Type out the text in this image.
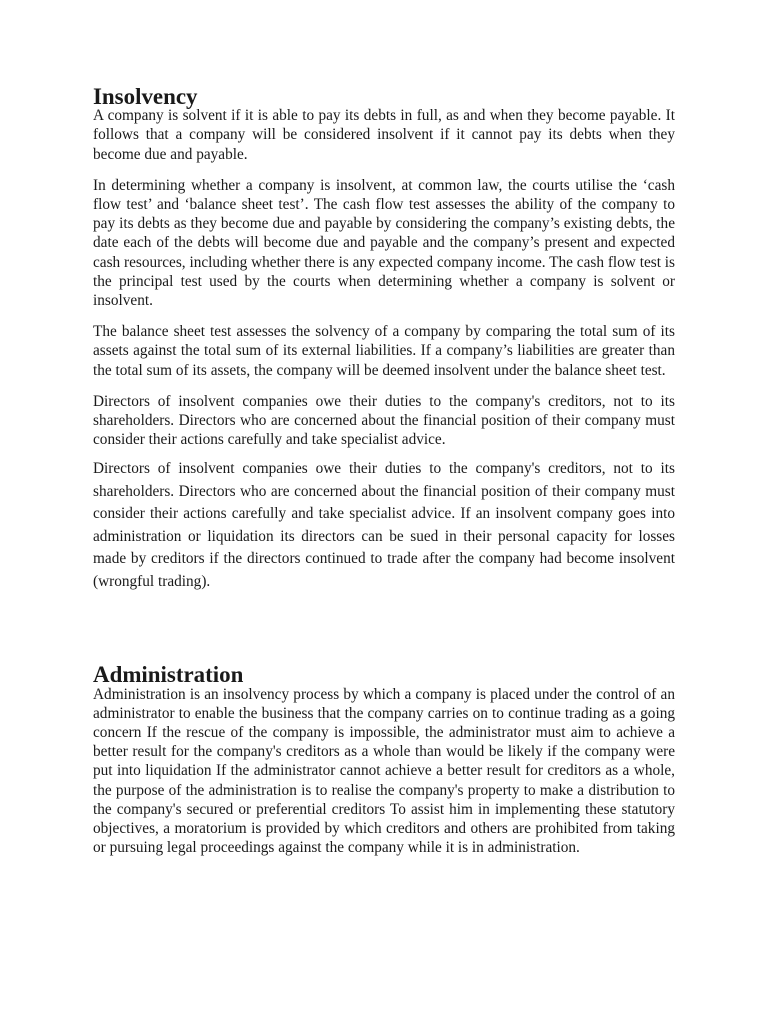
Insolvency

A company is solvent if it is able to pay its debts in full, as and when they become payable. It follows that a company will be considered insolvent if it cannot pay its debts when they become due and payable.

In determining whether a company is insolvent, at common law, the courts utilise the ‘cash flow test’ and ‘balance sheet test’. The cash flow test assesses the ability of the company to pay its debts as they become due and payable by considering the company’s existing debts, the date each of the debts will become due and payable and the company’s present and expected cash resources, including whether there is any expected company income. The cash flow test is the principal test used by the courts when determining whether a company is solvent or insolvent.

The balance sheet test assesses the solvency of a company by comparing the total sum of its assets against the total sum of its external liabilities. If a company’s liabilities are greater than the total sum of its assets, the company will be deemed insolvent under the balance sheet test.

Directors of insolvent companies owe their duties to the company's creditors, not to its shareholders. Directors who are concerned about the financial position of their company must consider their actions carefully and take specialist advice.

Directors of insolvent companies owe their duties to the company's creditors, not to its shareholders. Directors who are concerned about the financial position of their company must consider their actions carefully and take specialist advice. If an insolvent company goes into administration or liquidation its directors can be sued in their personal capacity for losses made by creditors if the directors continued to trade after the company had become insolvent (wrongful trading).

Administration

Administration is an insolvency process by which a company is placed under the control of an administrator to enable the business that the company carries on to continue trading as a going concern If the rescue of the company is impossible, the administrator must aim to achieve a better result for the company's creditors as a whole than would be likely if the company were put into liquidation If the administrator cannot achieve a better result for creditors as a whole, the purpose of the administration is to realise the company's property to make a distribution to the company's secured or preferential creditors To assist him in implementing these statutory objectives, a moratorium is provided by which creditors and others are prohibited from taking or pursuing legal proceedings against the company while it is in administration.
